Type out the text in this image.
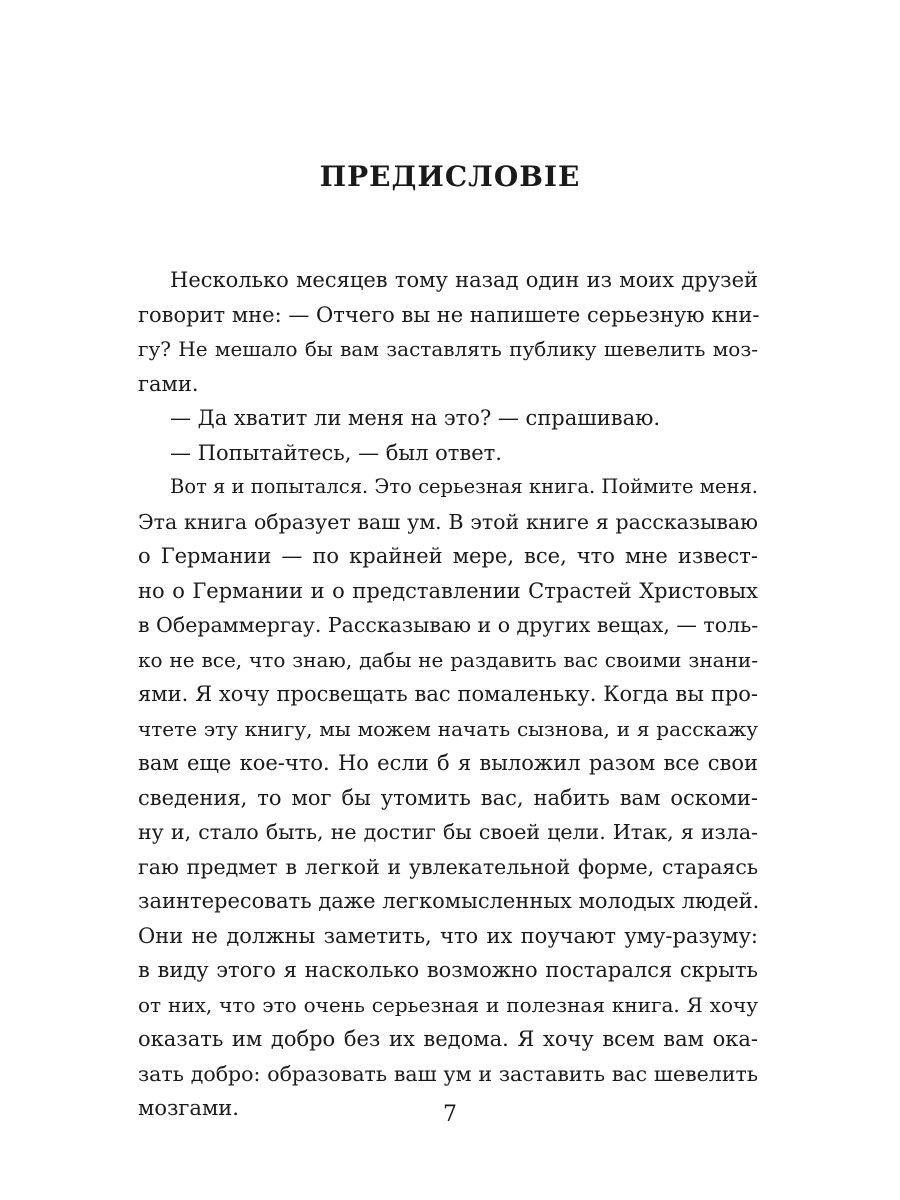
ПРЕДИСЛОВІЕ
Несколько месяцев тому назад один из моих друзей
говорит мне: — Отчего вы не напишете серьезную кни-
гу? Не мешало бы вам заставлять публику шевелить моз-
гами.
— Да хватит ли меня на это? — спрашиваю.
— Попытайтесь, — был ответ.
Вот я и попытался. Это серьезная книга. Поймите меня.
Эта книга образует ваш ум. В этой книге я рассказываю
о Германии — по крайней мере, все, что мне извест-
но о Германии и о представлении Страстей Христовых
в Обераммергау. Рассказываю и о других вещах, — толь-
ко не все, что знаю, дабы не раздавить вас своими знани-
ями. Я хочу просвещать вас помаленьку. Когда вы про-
чтете эту книгу, мы можем начать сызнова, и я расскажу
вам еще кое-что. Но если б я выложил разом все свои
сведения, то мог бы утомить вас, набить вам оскоми-
ну и, стало быть, не достиг бы своей цели. Итак, я изла-
гаю предмет в легкой и увлекательной форме, стараясь
заинтересовать даже легкомысленных молодых людей.
Они не должны заметить, что их поучают уму-разуму:
в виду этого я насколько возможно постарался скрыть
от них, что это очень серьезная и полезная книга. Я хочу
оказать им добро без их ведома. Я хочу всем вам ока-
зать добро: образовать ваш ум и заставить вас шевелить
мозгами.	7
